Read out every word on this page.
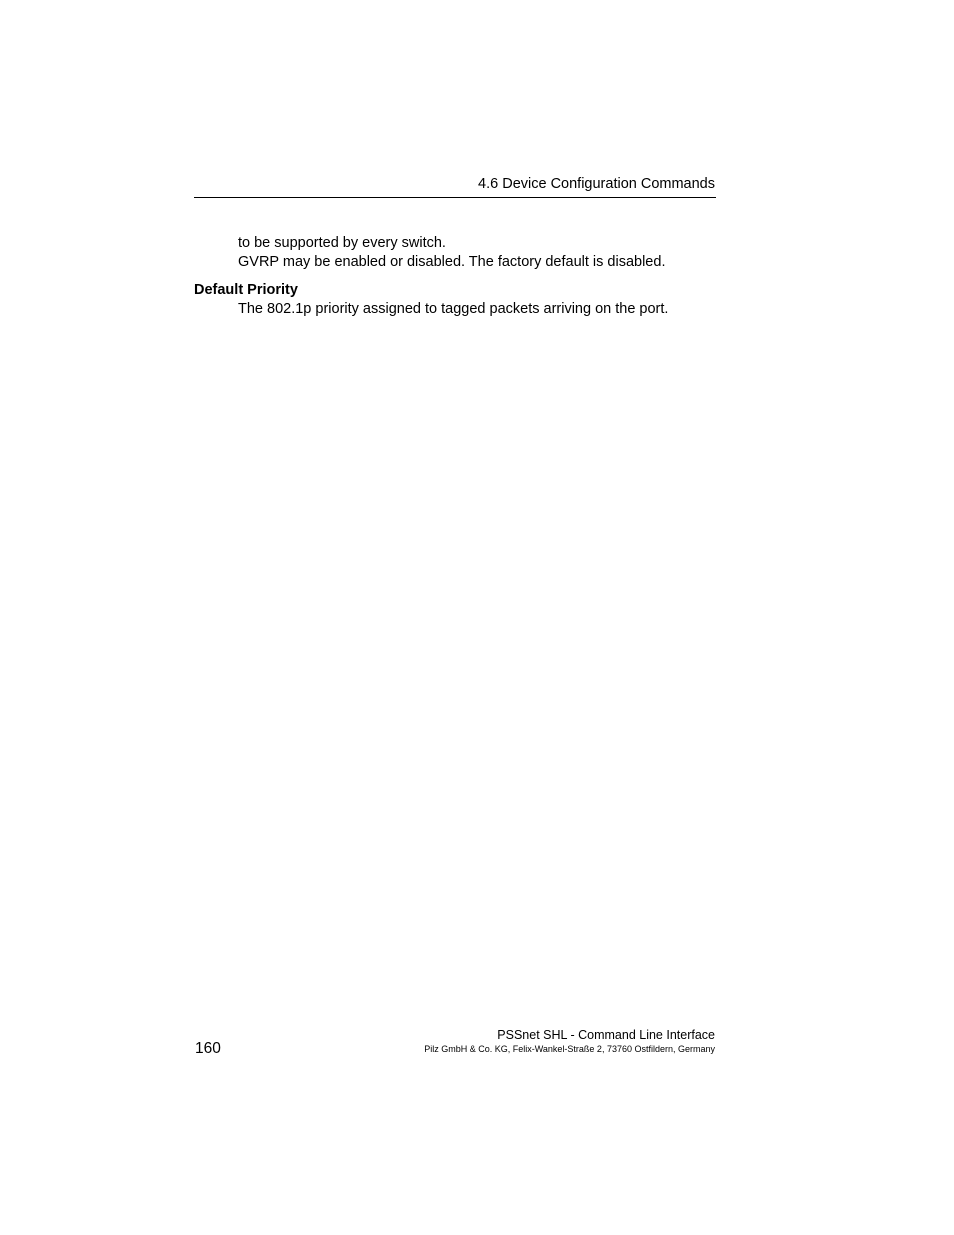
4.6 Device Configuration Commands
to be supported by every switch.
GVRP may be enabled or disabled. The factory default is disabled.
Default Priority
The 802.1p priority assigned to tagged packets arriving on the port.
160
PSSnet SHL - Command Line Interface
Pilz GmbH & Co. KG, Felix-Wankel-Straße 2, 73760 Ostfildern, Germany
